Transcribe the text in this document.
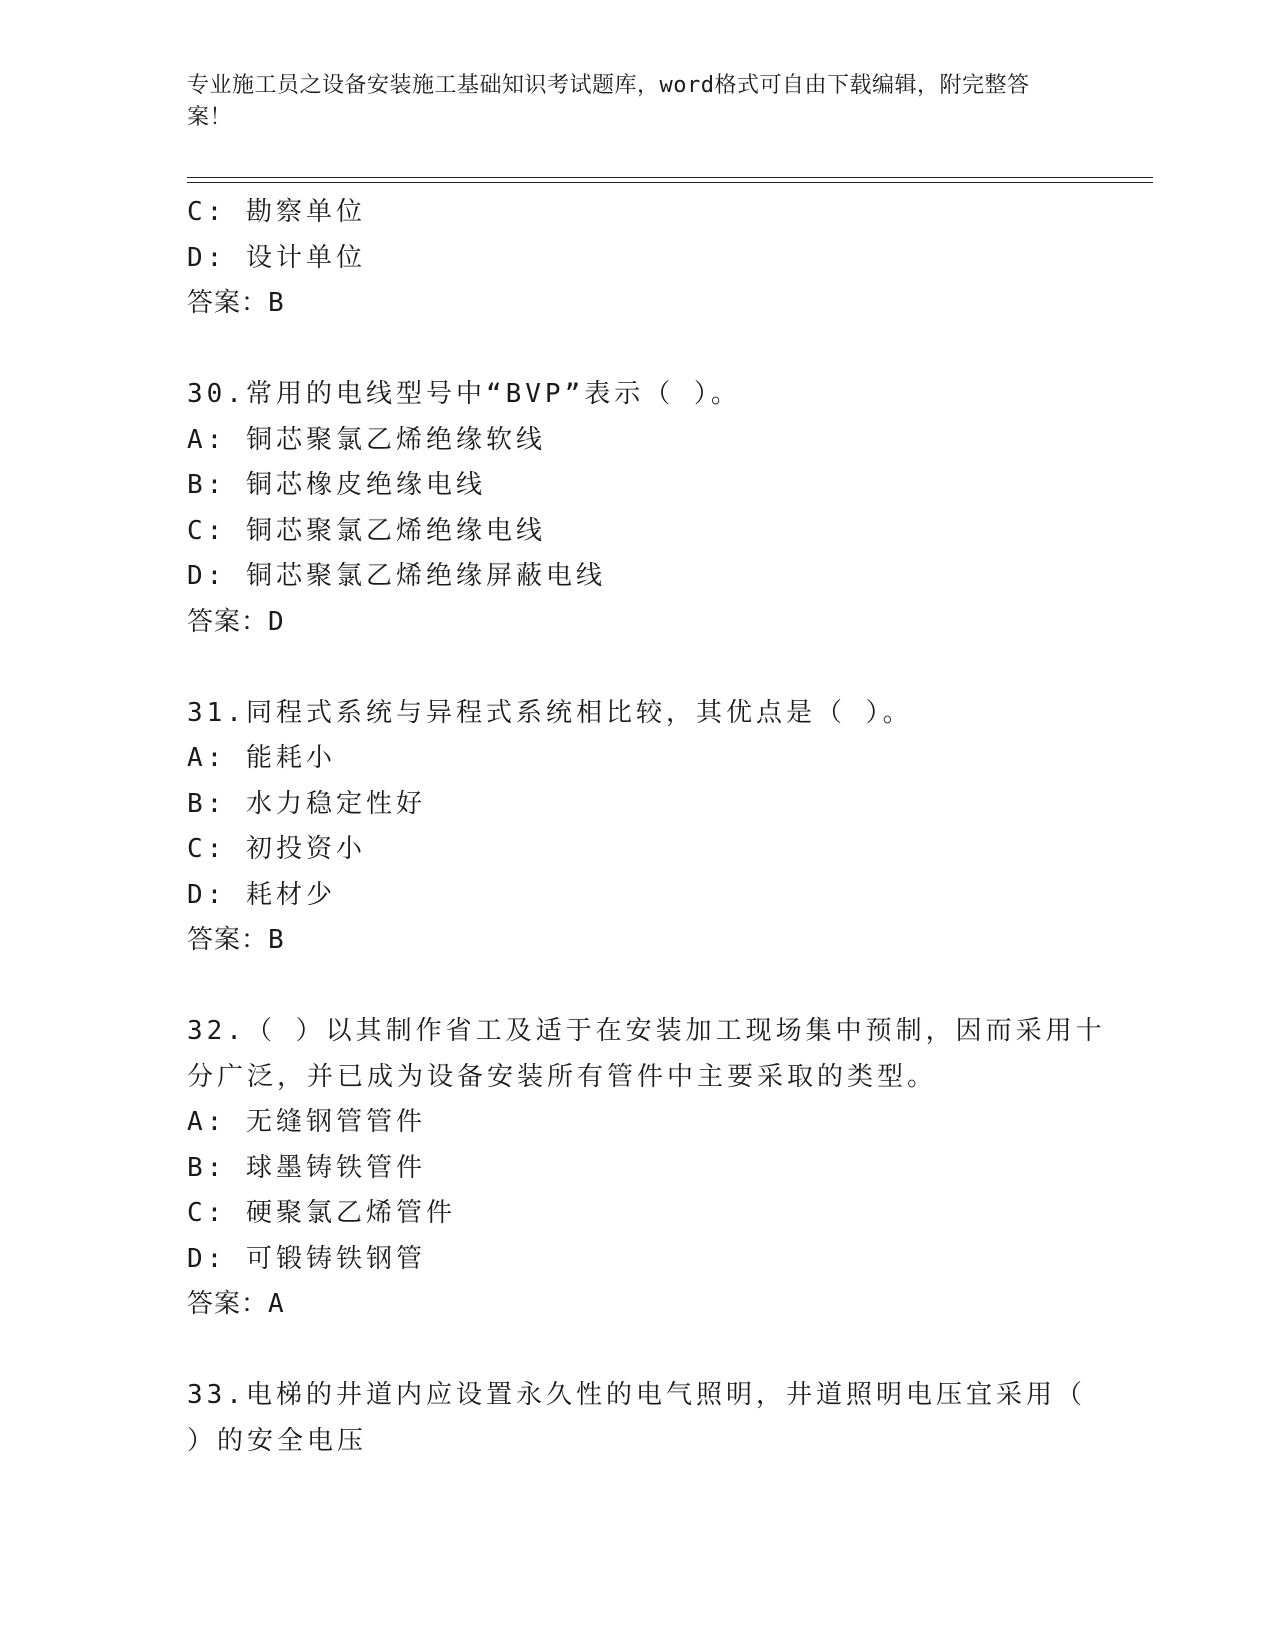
专业施工员之设备安装施工基础知识考试题库，word格式可自由下载编辑，附完整答案！
C: 勘察单位
D: 设计单位
答案：B
30.常用的电线型号中“BVP”表示（ ）。
A: 铜芯聚氯乙烯绝缘软线
B: 铜芯橡皮绝缘电线
C: 铜芯聚氯乙烯绝缘电线
D: 铜芯聚氯乙烯绝缘屏蔽电线
答案：D
31.同程式系统与异程式系统相比较，其优点是（ ）。
A: 能耗小
B: 水力稳定性好
C: 初投资小
D: 耗材少
答案：B
32.（ ）以其制作省工及适于在安装加工现场集中预制，因而采用十
分广泛，并已成为设备安装所有管件中主要采取的类型。
A: 无缝钢管管件
B: 球墨铸铁管件
C: 硬聚氯乙烯管件
D: 可锻铸铁钢管
答案：A
33.电梯的井道内应设置永久性的电气照明，井道照明电压宜采用（
）的安全电压
